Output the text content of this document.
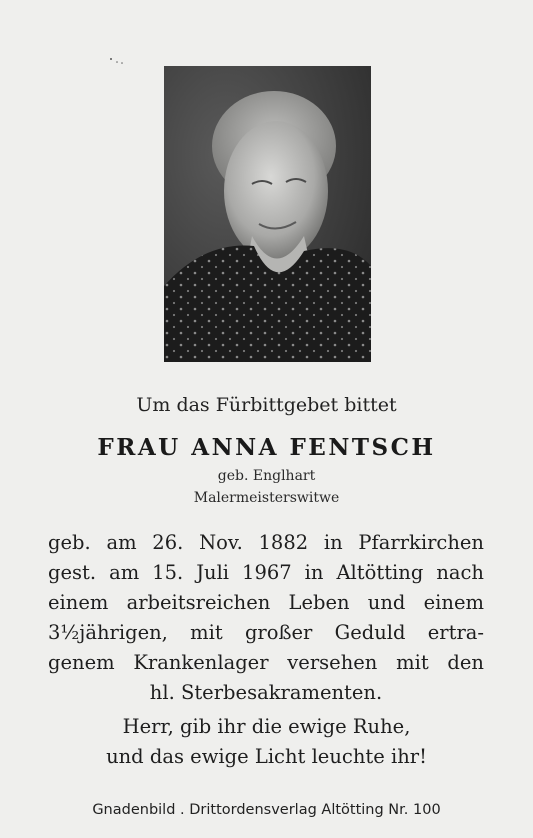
Um das Fürbittgebet bittet
FRAU ANNA FENTSCH
geb. Englhart
Malermeisterswitwe
geb. am 26. Nov. 1882 in Pfarrkirchen
gest. am 15. Juli 1967 in Altötting nach
einem arbeitsreichen Leben und einem
3½jährigen, mit großer Geduld ertra-
genem Krankenlager versehen mit den
hl. Sterbesakramenten.
Herr, gib ihr die ewige Ruhe,
und das ewige Licht leuchte ihr!
Gnadenbild . Drittordensverlag Altötting Nr. 100
